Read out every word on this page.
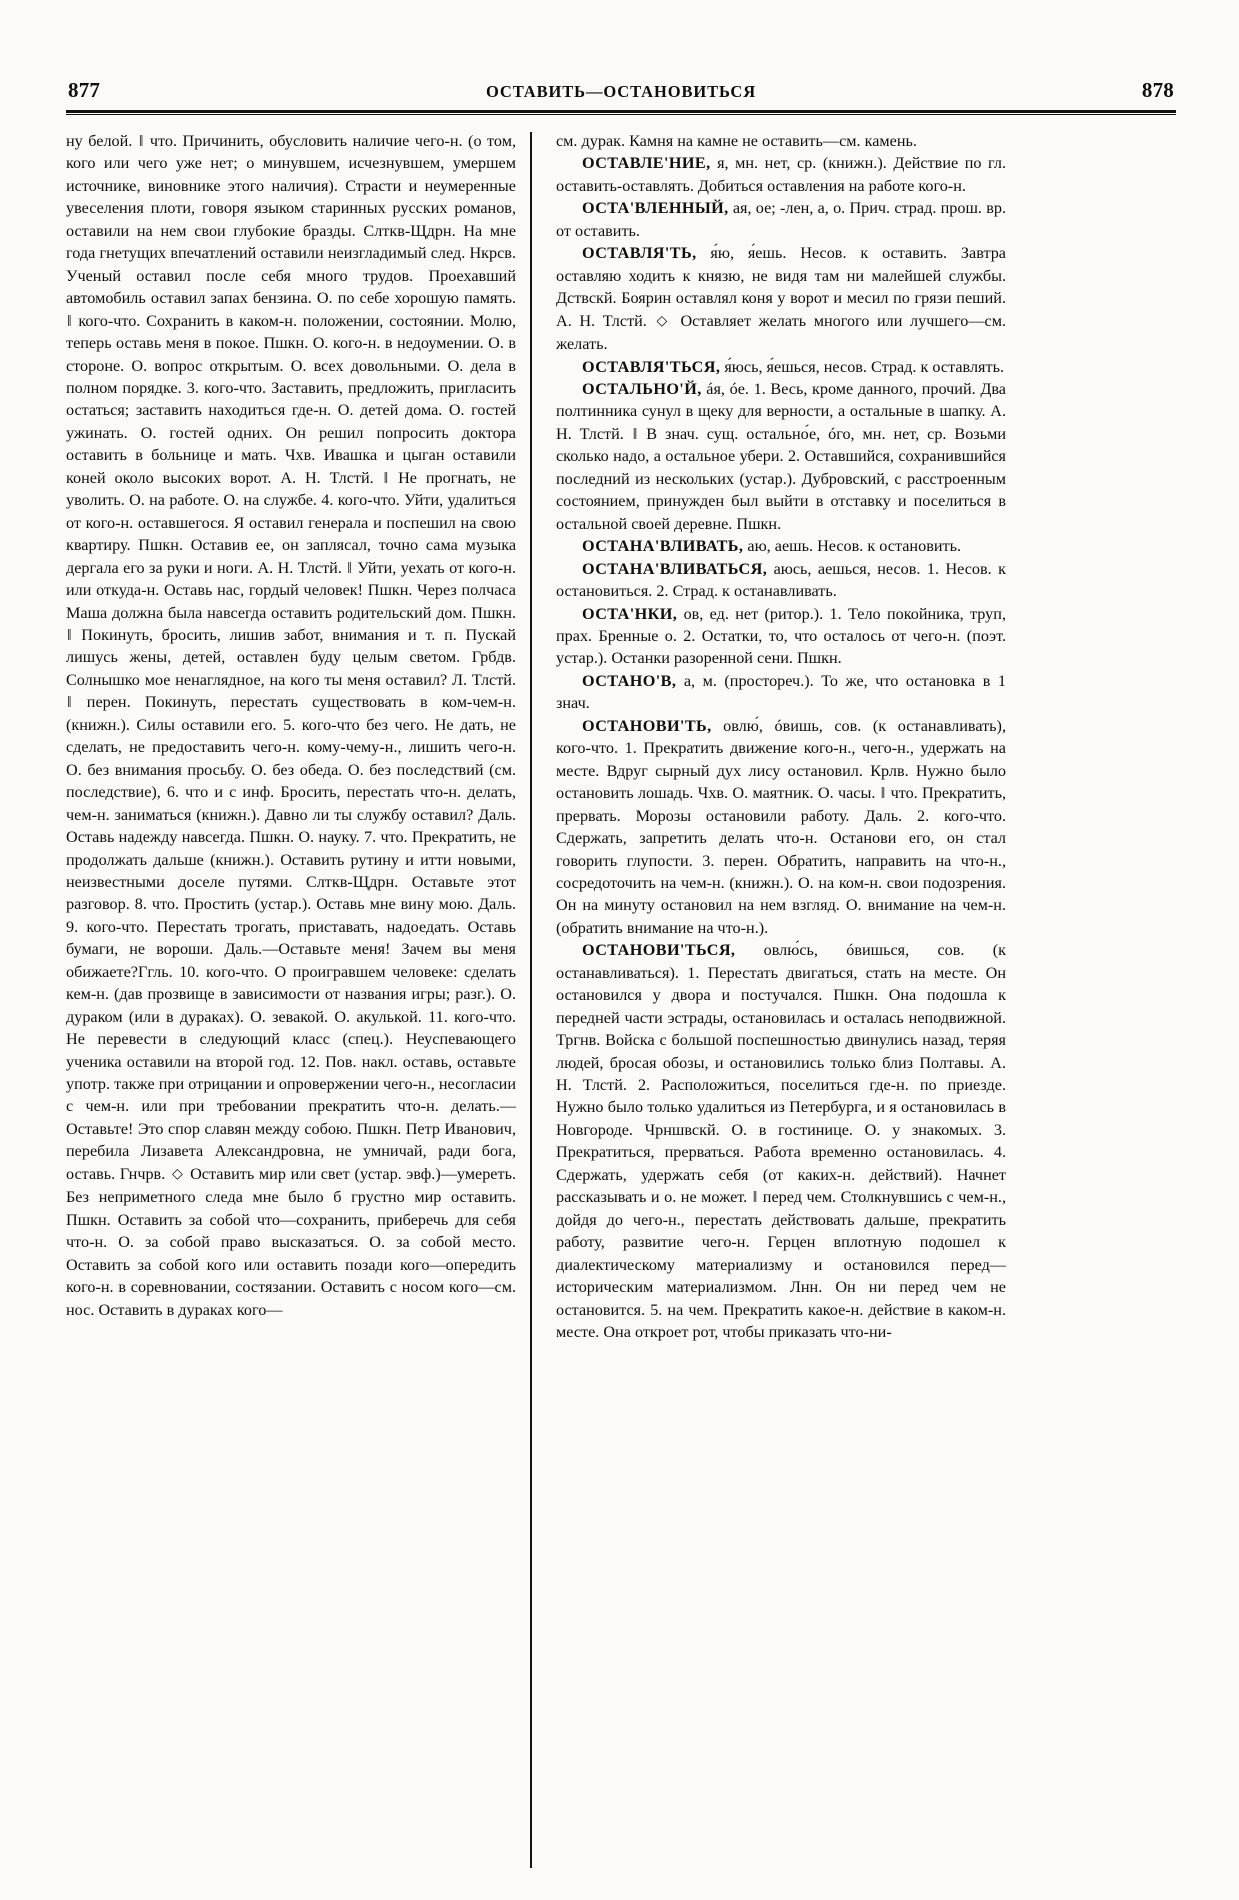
877	ОСТАВИТЬ—ОСТАНОВИТЬСЯ	878

ну белой. ‖ что. Причинить, обусловить наличие чего-н. (о том, кого или чего уже нет; о минувшем, исчезнувшем, умершем источнике, виновнике этого наличия). Страсти и неумеренные увеселения плоти, говоря языком старинных русских романов, оставили на нем свои глубокие бразды. Слткв-Щдрн. На мне года гнетущих впечатлений оставили неизгладимый след. Нкрсв. Ученый оставил после себя много трудов. Проехавший автомобиль оставил запах бензина. О. по себе хорошую память. ‖ кого-что. Сохранить в каком-н. положении, состоянии. Молю, теперь оставь меня в покое. Пшкн. О. кого-н. в недоумении. О. в стороне. О. вопрос открытым. О. всех довольными. О. дела в полном порядке. 3. кого-что. Заставить, предложить, пригласить остаться; заставить находиться где-н. О. детей дома. О. гостей ужинать. О. гостей одних. Он решил попросить доктора оставить в больнице и мать. Чхв. Ивашка и цыган оставили коней около высоких ворот. А. Н. Тлстй. ‖ Не прогнать, не уволить. О. на работе. О. на службе. 4. кого-что. Уйти, удалиться от кого-н. оставшегося. Я оставил генерала и поспешил на свою квартиру. Пшкн. Оставив ее, он заплясал, точно сама музыка дергала его за руки и ноги. А. Н. Тлстй. ‖ Уйти, уехать от кого-н. или откуда-н. Оставь нас, гордый человек! Пшкн. Через полчаса Маша должна была навсегда оставить родительский дом. Пшкн. ‖ Покинуть, бросить, лишив забот, внимания и т. п. Пускай лишусь жены, детей, оставлен буду целым светом. Грбдв. Солнышко мое ненаглядное, на кого ты меня оставил? Л. Тлстй. ‖ перен. Покинуть, перестать существовать в ком-чем-н. (книжн.). Силы оставили его. 5. кого-что без чего. Не дать, не сделать, не предоставить чего-н. кому-чему-н., лишить чего-н. О. без внимания просьбу. О. без обеда. О. без последствий (см. последствие), 6. что и с инф. Бросить, перестать что-н. делать, чем-н. заниматься (книжн.). Давно ли ты службу оставил? Даль. Оставь надежду навсегда. Пшкн. О. науку. 7. что. Прекратить, не продолжать дальше (книжн.). Оставить рутину и итти новыми, неизвестными доселе путями. Слткв-Щдрн. Оставьте этот разговор. 8. что. Простить (устар.). Оставь мне вину мою. Даль. 9. кого-что. Перестать трогать, приставать, надоедать. Оставь бумаги, не вороши. Даль.—Оставьте меня! Зачем вы меня обижаете?Ггль. 10. кого-что. О проигравшем человеке: сделать кем-н. (дав прозвище в зависимости от названия игры; разг.). О. дураком (или в дураках). О. зевакой. О. акулькой. 11. кого-что. Не перевести в следующий класс (спец.). Неуспевающего ученика оставили на второй год. 12. Пов. накл. оставь, оставьте употр. также при отрицании и опровержении чего-н., несогласии с чем-н. или при требовании прекратить что-н. делать.—Оставьте! Это спор славян между собою. Пшкн. Петр Иванович, перебила Лизавета Александровна, не умничай, ради бога, оставь. Гнчрв. ◇ Оставить мир или свет (устар. эвф.)—умереть. Без неприметного следа мне было б грустно мир оставить. Пшкн. Оставить за собой что—сохранить, приберечь для себя что-н. О. за собой право высказаться. О. за собой место. Оставить за собой кого или оставить позади кого—опередить кого-н. в соревновании, состязании. Оставить с носом кого—см. нос. Оставить в дураках кого—

см. дурак. Камня на камне не оставить—см. камень.

ОСТАВЛЕ'НИЕ, я, мн. нет, ср. (книжн.). Действие по гл. оставить-оставлять. Добиться оставления на работе кого-н.

ОСТА'ВЛЕННЫЙ, ая, ое; -лен, а, о. Прич. страд. прош. вр. от оставить.

ОСТАВЛЯ'ТЬ, я́ю, я́ешь. Несов. к оставить. Завтра оставляю ходить к князю, не видя там ни малейшей службы. Дствскй. Боярин оставлял коня у ворот и месил по грязи пеший. А. Н. Тлстй. ◇ Оставляет желать многого или лучшего—см. желать.

ОСТАВЛЯ'ТЬСЯ, я́юсь, я́ешься, несов. Страд. к оставлять.

ОСТАЛЬНО'Й, áя, óе. 1. Весь, кроме данного, прочий. Два полтинника сунул в щеку для верности, а остальные в шапку. А. Н. Тлстй. ‖ В знач. сущ. остально́е, óго, мн. нет, ср. Возьми сколько надо, а остальное убери. 2. Оставшийся, сохранившийся последний из нескольких (устар.). Дубровский, с расстроенным состоянием, принужден был выйти в отставку и поселиться в остальной своей деревне. Пшкн.

ОСТАНА'ВЛИВАТЬ, аю, аешь. Несов. к остановить.

ОСТАНА'ВЛИВАТЬСЯ, аюсь, аешься, несов. 1. Несов. к остановиться. 2. Страд. к останавливать.

ОСТА'НКИ, ов, ед. нет (ритор.). 1. Тело покойника, труп, прах. Бренные о. 2. Остатки, то, что осталось от чего-н. (поэт. устар.). Останки разоренной сени. Пшкн.

ОСТАНО'В, а, м. (простореч.). То же, что остановка в 1 знач.

ОСТАНОВИ'ТЬ, овлю́, óвишь, сов. (к останавливать), кого-что. 1. Прекратить движение кого-н., чего-н., удержать на месте. Вдруг сырный дух лису остановил. Крлв. Нужно было остановить лошадь. Чхв. О. маятник. О. часы. ‖ что. Прекратить, прервать. Морозы остановили работу. Даль. 2. кого-что. Сдержать, запретить делать что-н. Останови его, он стал говорить глупости. 3. перен. Обратить, направить на что-н., сосредоточить на чем-н. (книжн.). О. на ком-н. свои подозрения. Он на минуту остановил на нем взгляд. О. внимание на чем-н. (обратить внимание на что-н.).

ОСТАНОВИ'ТЬСЯ, овлю́сь, óвишься, сов. (к останавливаться). 1. Перестать двигаться, стать на месте. Он остановился у двора и постучался. Пшкн. Она подошла к передней части эстрады, остановилась и осталась неподвижной. Тргнв. Войска с большой поспешностью двинулись назад, теряя людей, бросая обозы, и остановились только близ Полтавы. А. Н. Тлстй. 2. Расположиться, поселиться где-н. по приезде. Нужно было только удалиться из Петербурга, и я остановилась в Новгороде. Чрншвскй. О. в гостинице. О. у знакомых. 3. Прекратиться, прерваться. Работа временно остановилась. 4. Сдержать, удержать себя (от каких-н. действий). Начнет рассказывать и о. не может. ‖ перед чем. Столкнувшись с чем-н., дойдя до чего-н., перестать действовать дальше, прекратить работу, развитие чего-н. Герцен вплотную подошел к диалектическому материализму и остановился перед—историческим материализмом. Лнн. Он ни перед чем не остановится. 5. на чем. Прекратить какое-н. действие в каком-н. месте. Она откроет рот, чтобы приказать что-ни-
